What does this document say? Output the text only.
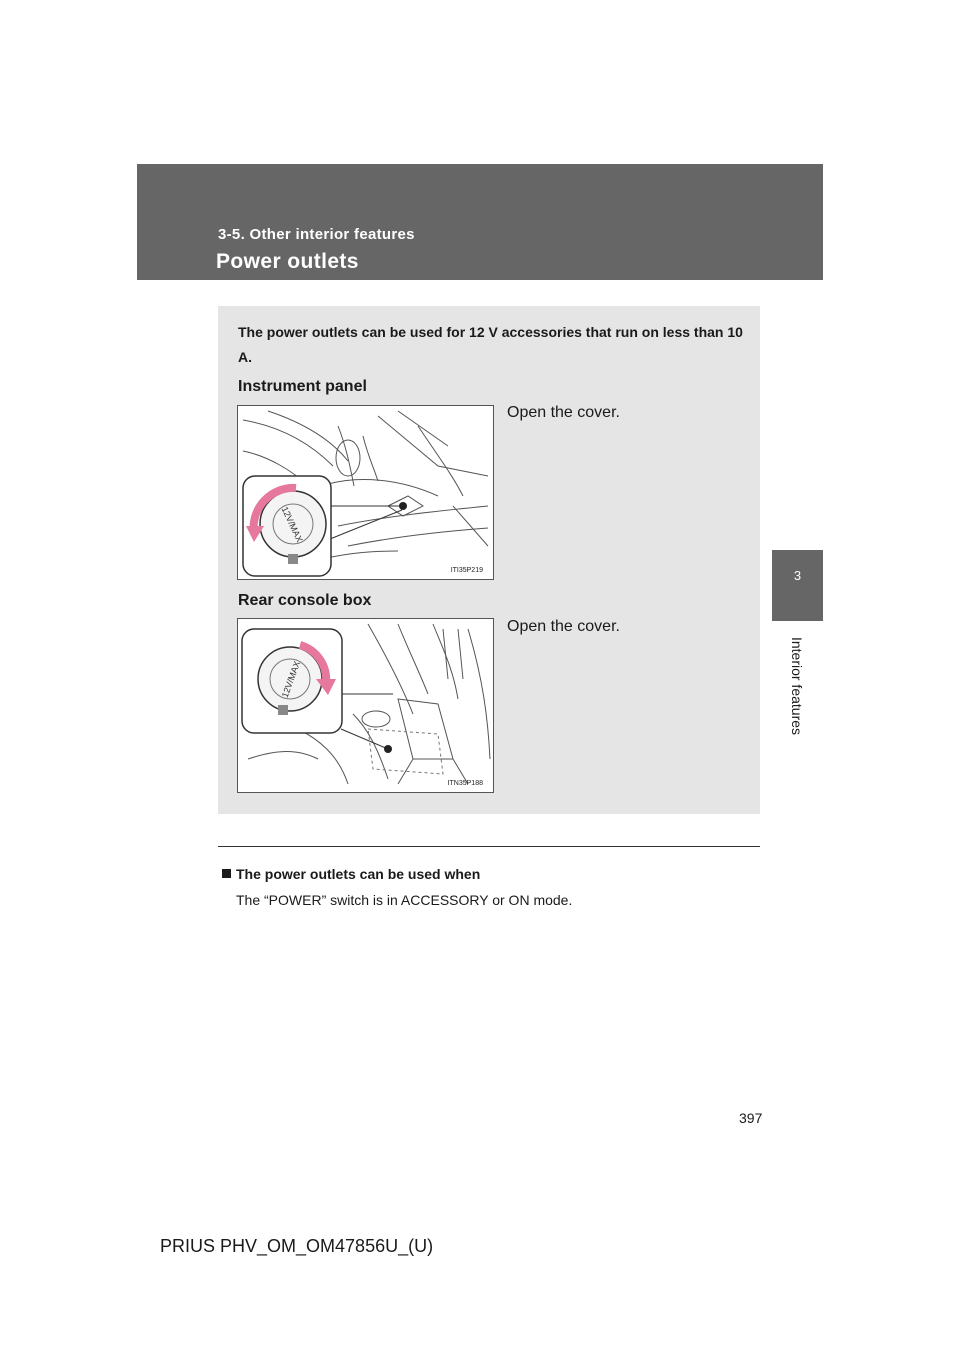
3-5. Other interior features
Power outlets
3
Interior features
The power outlets can be used for 12 V accessories that run on less than 10 A.
Instrument panel
12V/MAX
ITI35P219
Open the cover.
Rear console box
12V/MAX
ITN35P188
Open the cover.
The power outlets can be used when
The “POWER” switch is in ACCESSORY or ON mode.
397
PRIUS PHV_OM_OM47856U_(U)
